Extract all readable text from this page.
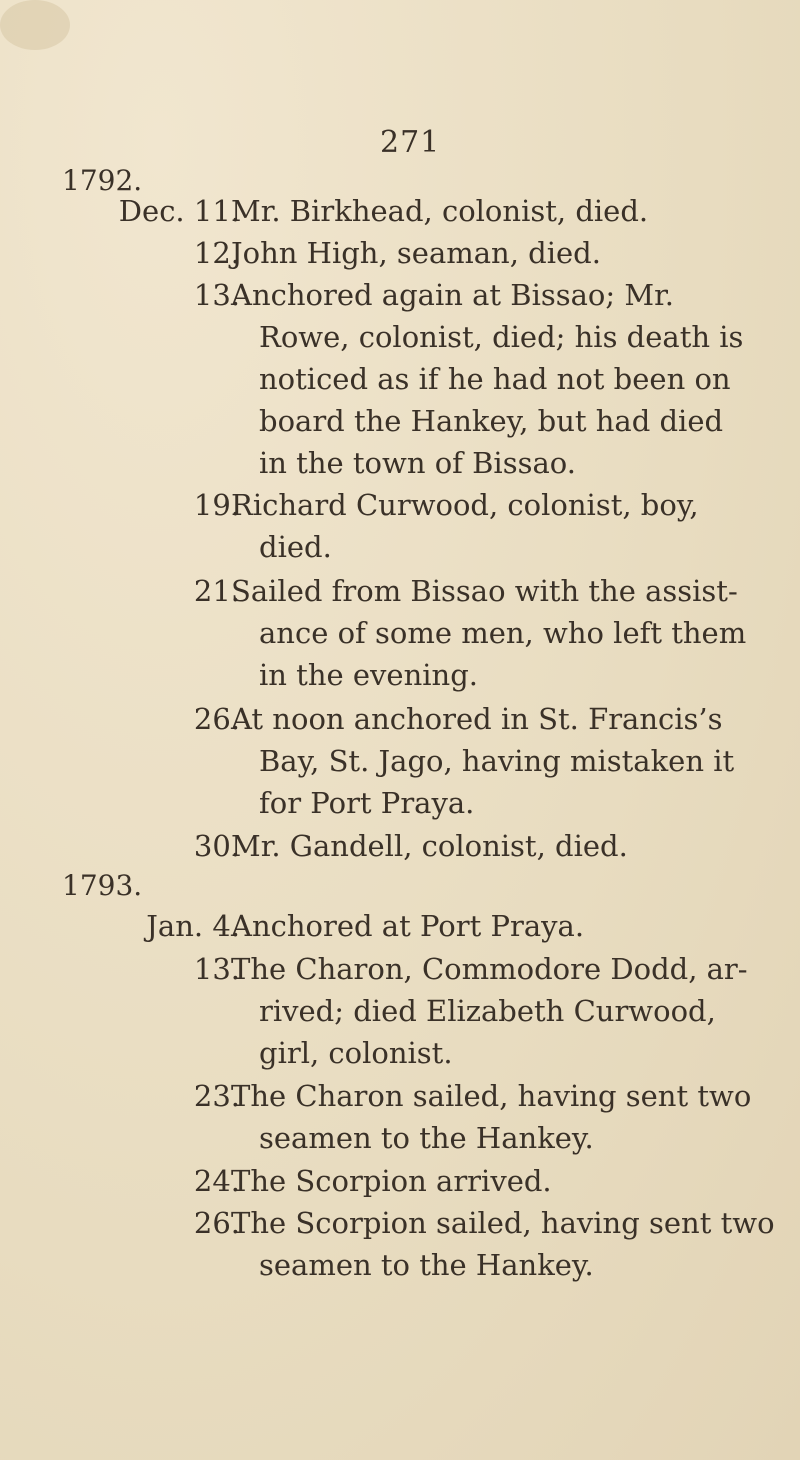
271
1792.
Dec. 11.
Mr. Birkhead, colonist, died.
12.
John High, seaman, died.
13.
Anchored again at Bissao; Mr.
Rowe, colonist, died; his death is
noticed as if he had not been on
board the Hankey, but had died
in the town of Bissao.
19.
Richard Curwood, colonist, boy,
died.
21.
Sailed from Bissao with the assist-
ance of some men, who left them
in the evening.
26.
At noon anchored in St. Francis’s
Bay, St. Jago, having mistaken it
for Port Praya.
30.
Mr. Gandell, colonist, died.
1793.
Jan. 4.
Anchored at Port Praya.
13.
The Charon, Commodore Dodd, ar-
rived; died Elizabeth Curwood,
girl, colonist.
23.
The Charon sailed, having sent two
seamen to the Hankey.
24.
The Scorpion arrived.
26.
The Scorpion sailed, having sent two
seamen to the Hankey.
